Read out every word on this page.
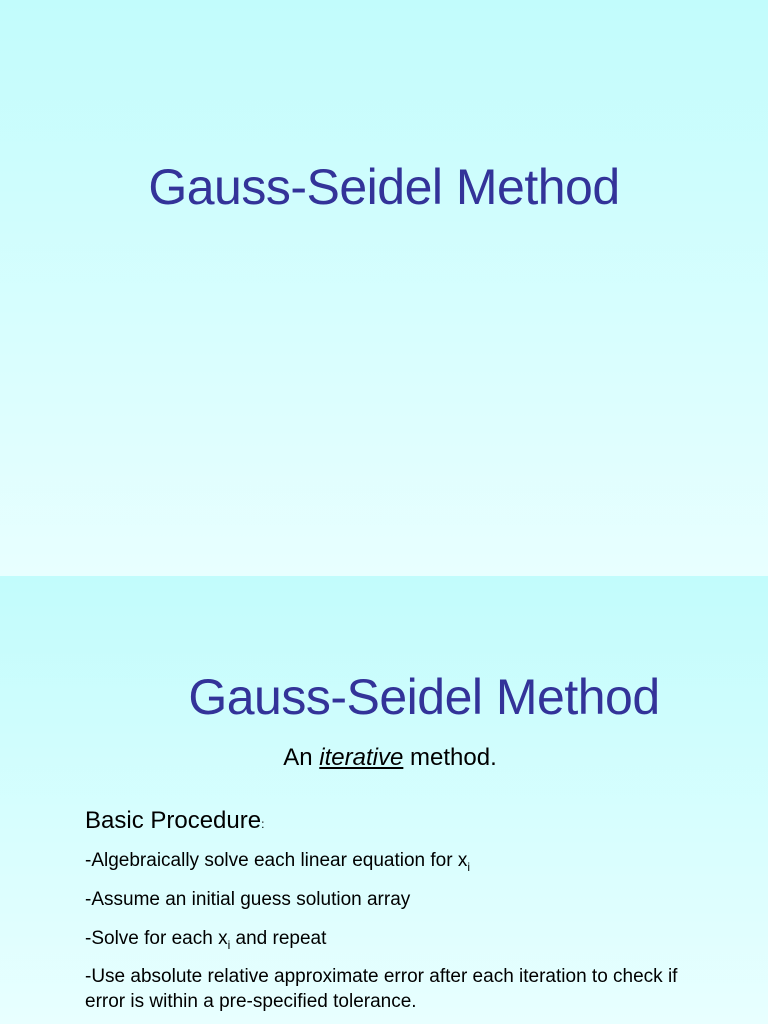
Gauss-Seidel Method
Gauss-Seidel Method

An iterative method.

Basic Procedure:

-Algebraically solve each linear equation for $x_i$

-Assume an initial guess solution array

-Solve for each $x_i$ and repeat

-Use absolute relative approximate error after each iteration to check if error is within a pre-specified tolerance.
